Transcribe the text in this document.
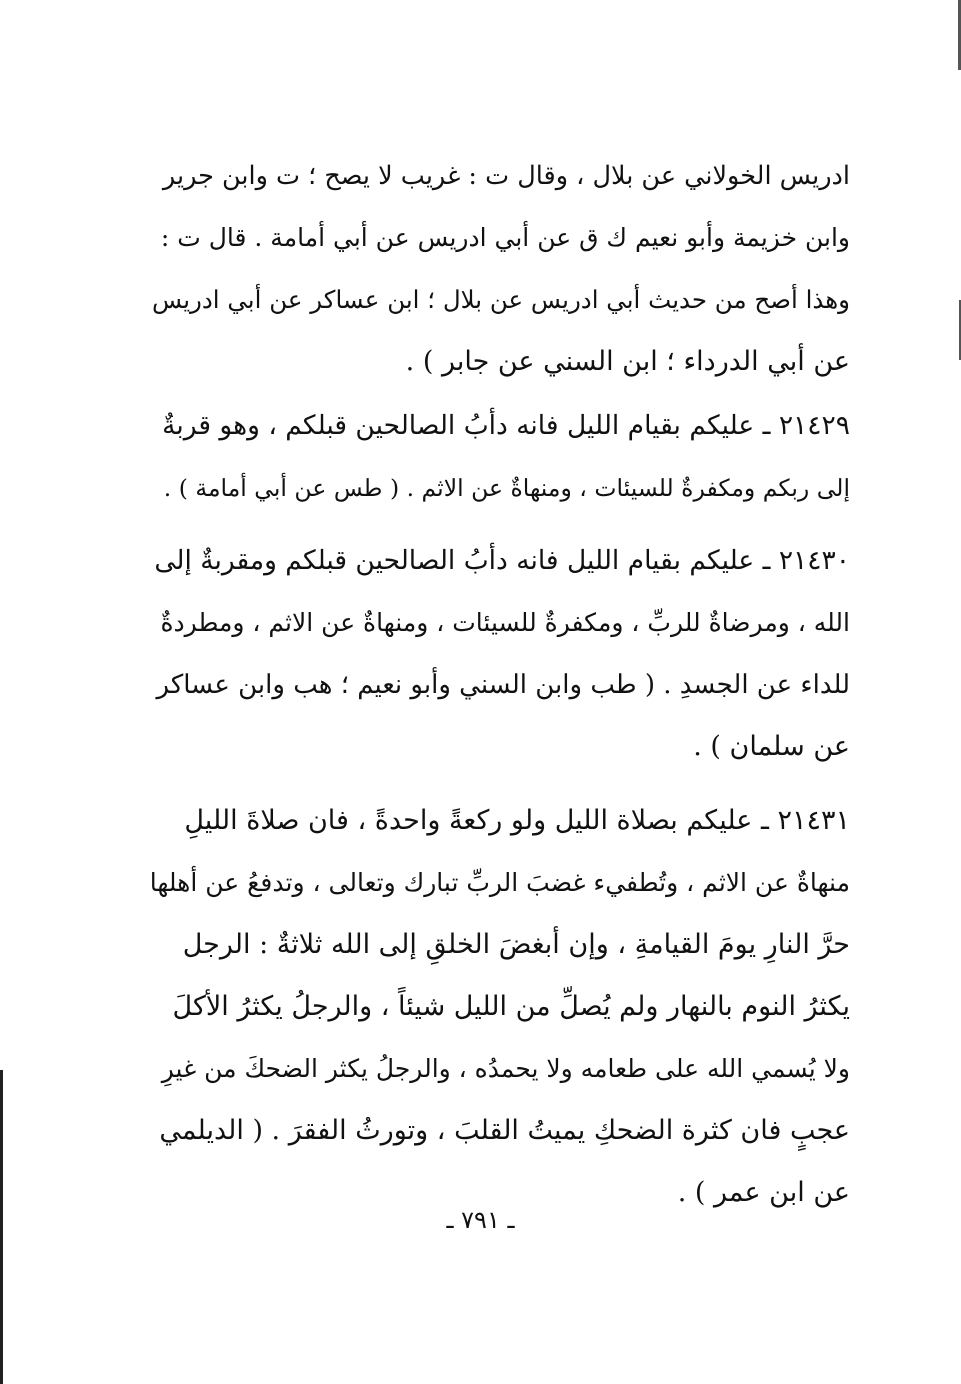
ادريس الخولاني عن بلال ، وقال ت : غريب لا يصح ؛ ت وابن جرير
وابن خزيمة وأبو نعيم ك ق عن أبي ادريس عن أبي أمامة . قال ت :
وهذا أصح من حديث أبي ادريس عن بلال ؛ ابن عساكر عن أبي ادريس
عن أبي الدرداء ؛ ابن السني عن جابر ) .

٢١٤٢٩ ـ عليكم بقيام الليل فانه دأبُ الصالحين قبلكم ، وهو قربةٌ
إلى ربكم ومكفرةٌ للسيئات ، ومنهاةٌ عن الاثم . ( طس عن أبي أمامة ) .

٢١٤٣٠ ـ عليكم بقيام الليل فانه دأبُ الصالحين قبلكم ومقربةٌ إلى
الله ، ومرضاةٌ للربِّ ، ومكفرةٌ للسيئات ، ومنهاةٌ عن الاثم ، ومطردةٌ
للداء عن الجسدِ . ( طب وابن السني وأبو نعيم ؛ هب وابن عساكر
عن سلمان ) .

٢١٤٣١ ـ عليكم بصلاة الليل ولو ركعةً واحدةً ، فان صلاةَ الليلِ
منهاةٌ عن الاثم ، وتُطفيء غضبَ الربِّ تبارك وتعالى ، وتدفعُ عن أهلها
حرَّ النارِ يومَ القيامةِ ، وإن أبغضَ الخلقِ إلى الله ثلاثةٌ : الرجل
يكثرُ النوم بالنهار ولم يُصلِّ من الليل شيئاً ، والرجلُ يكثرُ الأكلَ
ولا يُسمي الله على طعامه ولا يحمدُه ، والرجلُ يكثر الضحكَ من غيرِ
عجبٍ فان كثرة الضحكِ يميتُ القلبَ ، وتورثُ الفقرَ . ( الديلمي
عن ابن عمر ) .

ـ ٧٩١ ـ
